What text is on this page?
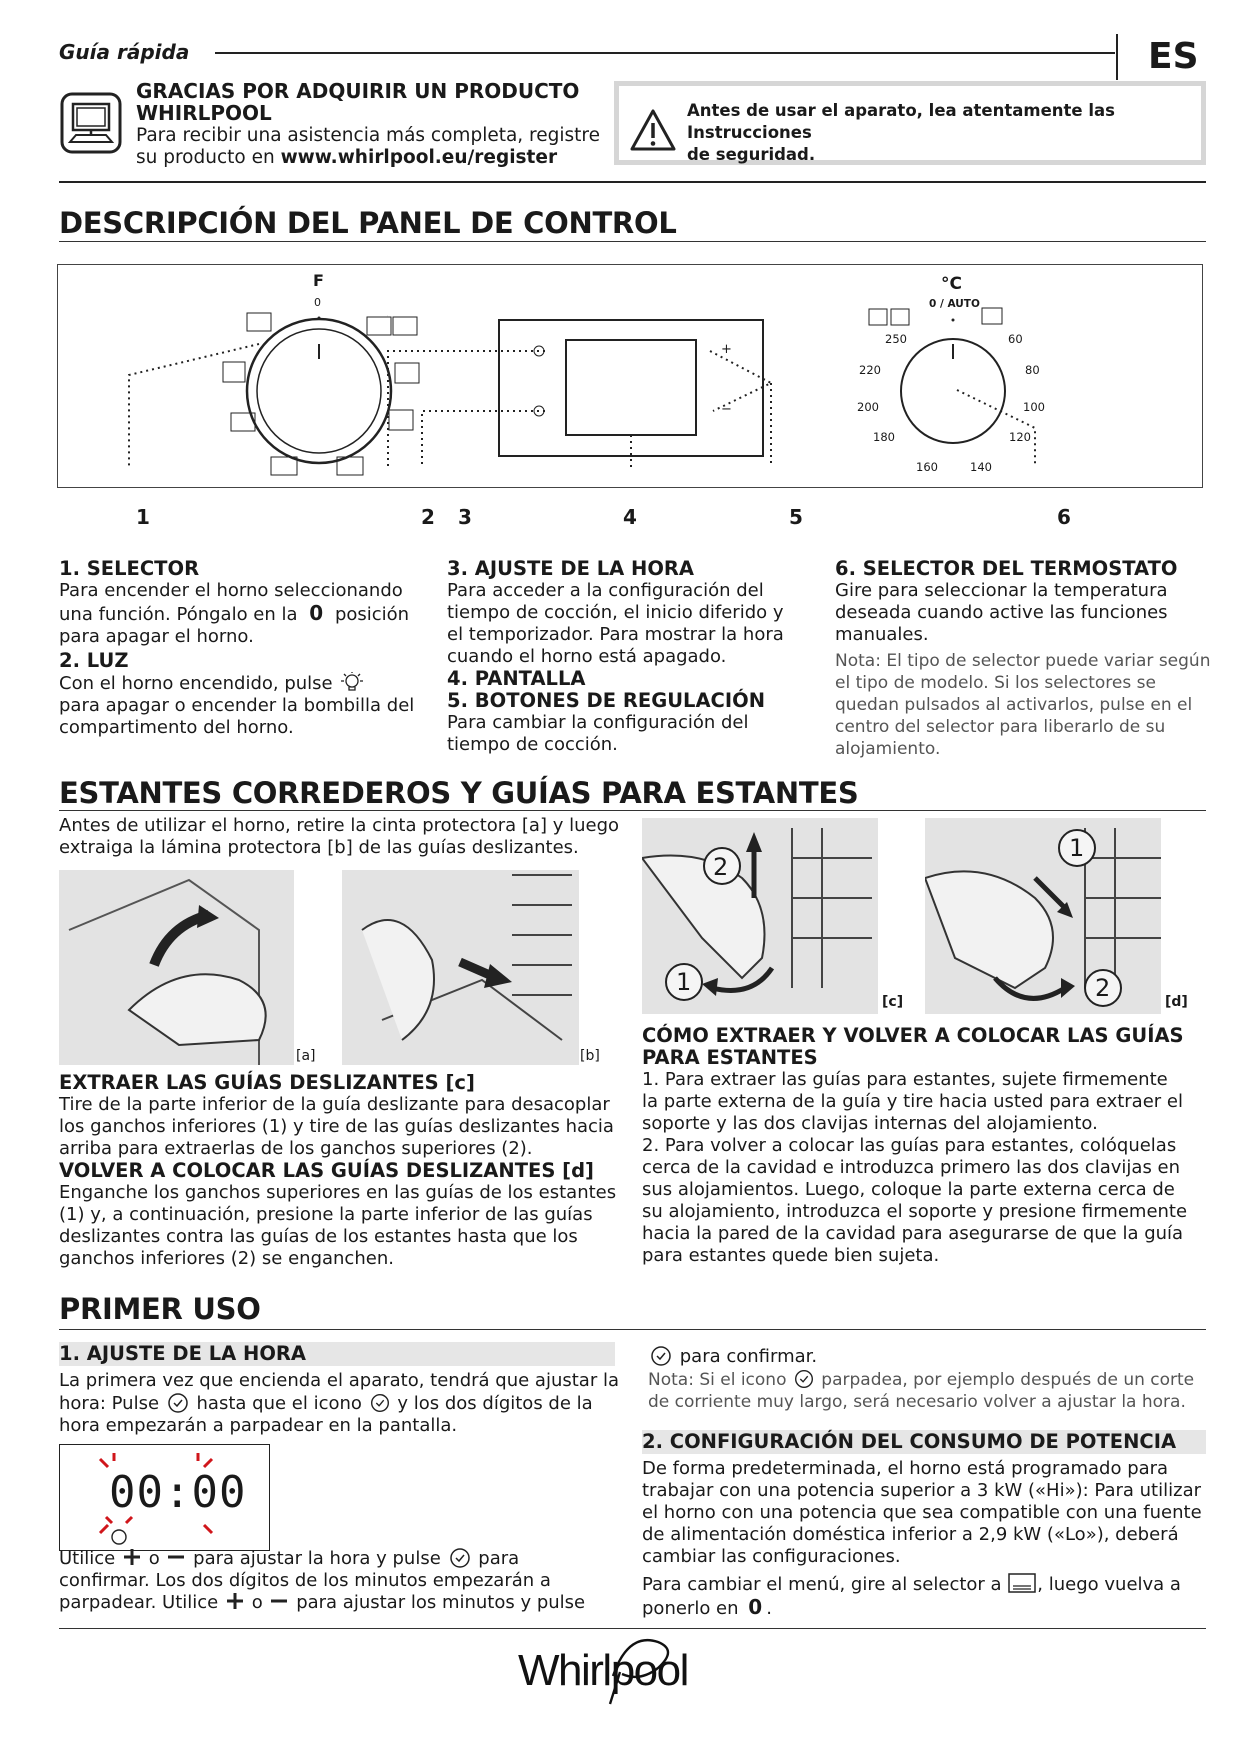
Guía rápida	ES
GRACIAS POR ADQUIRIR UN PRODUCTO
WHIRLPOOL
Para recibir una asistencia más completa, registre
su producto en www.whirlpool.eu/register
Antes de usar el aparato, lea atentamente las Instrucciones
de seguridad.
DESCRIPCIÓN DEL PANEL DE CONTROL
F
0
+
−
°C
0 / AUTO
250	60
220	80
200	100
180	120
160	140
1	2 3	4	5	6
1. SELECTOR
Para encender el horno seleccionando
una función. Póngalo en la 0 posición
para apagar el horno.
2. LUZ
Con el horno encendido, pulse
para apagar o encender la bombilla del
compartimento del horno.
3. AJUSTE DE LA HORA
Para acceder a la configuración del
tiempo de cocción, el inicio diferido y
el temporizador. Para mostrar la hora
cuando el horno está apagado.
4. PANTALLA
5. BOTONES DE REGULACIÓN
Para cambiar la configuración del
tiempo de cocción.
6. SELECTOR DEL TERMOSTATO
Gire para seleccionar la temperatura
deseada cuando active las funciones
manuales.
Nota: El tipo de selector puede variar según
el tipo de modelo. Si los selectores se
quedan pulsados al activarlos, pulse en el
centro del selector para liberarlo de su
alojamiento.
ESTANTES CORREDEROS Y GUÍAS PARA ESTANTES
Antes de utilizar el horno, retire la cinta protectora [a] y luego
extraiga la lámina protectora [b] de las guías deslizantes.
[a]	[b]
2
1
[c]
1
2	[d]
EXTRAER LAS GUÍAS DESLIZANTES [c]
Tire de la parte inferior de la guía deslizante para desacoplar
los ganchos inferiores (1) y tire de las guías deslizantes hacia
arriba para extraerlas de los ganchos superiores (2).
VOLVER A COLOCAR LAS GUÍAS DESLIZANTES [d]
Enganche los ganchos superiores en las guías de los estantes
(1) y, a continuación, presione la parte inferior de las guías
deslizantes contra las guías de los estantes hasta que los
ganchos inferiores (2) se enganchen.
CÓMO EXTRAER Y VOLVER A COLOCAR LAS GUÍAS
PARA ESTANTES
1. Para extraer las guías para estantes, sujete firmemente
la parte externa de la guía y tire hacia usted para extraer el
soporte y las dos clavijas internas del alojamiento.
2. Para volver a colocar las guías para estantes, colóquelas
cerca de la cavidad e introduzca primero las dos clavijas en
sus alojamientos. Luego, coloque la parte externa cerca de
su alojamiento, introduzca el soporte y presione firmemente
hacia la pared de la cavidad para asegurarse de que la guía
para estantes quede bien sujeta.
PRIMER USO
1. AJUSTE DE LA HORA
La primera vez que encienda el aparato, tendrá que ajustar la
hora: Pulse hasta que el icono y los dos dígitos de la
hora empezarán a parpadear en la pantalla.
00:00
Utilice o para ajustar la hora y pulse para
confirmar. Los dos dígitos de los minutos empezarán a
parpadear. Utilice o para ajustar los minutos y pulse
para confirmar.
Nota: Si el icono parpadea, por ejemplo después de un corte
de corriente muy largo, será necesario volver a ajustar la hora.
2. CONFIGURACIÓN DEL CONSUMO DE POTENCIA
De forma predeterminada, el horno está programado para
trabajar con una potencia superior a 3 kW («Hi»): Para utilizar
el horno con una potencia que sea compatible con una fuente
de alimentación doméstica inferior a 2,9 kW («Lo»), deberá
cambiar las configuraciones.
Para cambiar el menú, gire al selector a , luego vuelva a
ponerlo en 0 .
Whirlpool
